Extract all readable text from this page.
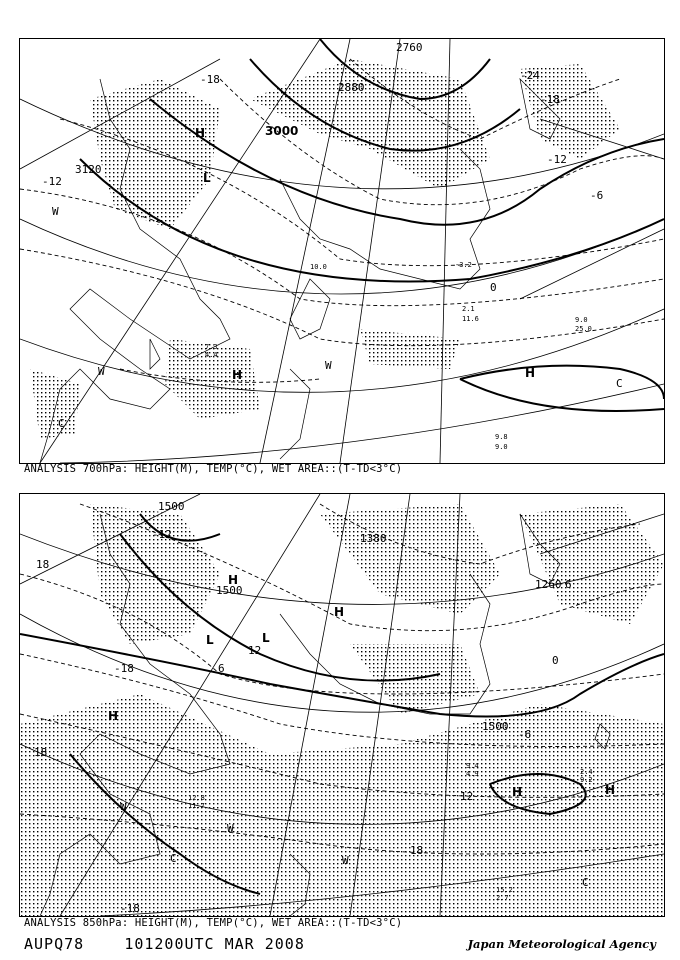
3120
3000
2880
2760
-12
-18	-24
-18
-12
-6
0
H
H	H
L
W
W	W
C
C
2.1
11.6	9.0
25.0
9.8
9.0
-3.2
10.0
7.3
4.4
ANALYSIS 700hPa: HEIGHT(M), TEMP(°C), WET AREA::(T-TD<3°C)
1500
1500
1380
1500
1260
18
12
6
0
-6
-12
-18
6
12
18
-18
18
H
H
H
H	H
L	L
W
W
W
C
C
9.4
4.9	2.4
9.2
12.8
11.7
15.2
2.7
ANALYSIS 850hPa: HEIGHT(M), TEMP(°C), WET AREA::(T-TD<3°C)
AUPQ78	101200UTC MAR 2008	Japan Meteorological Agency
